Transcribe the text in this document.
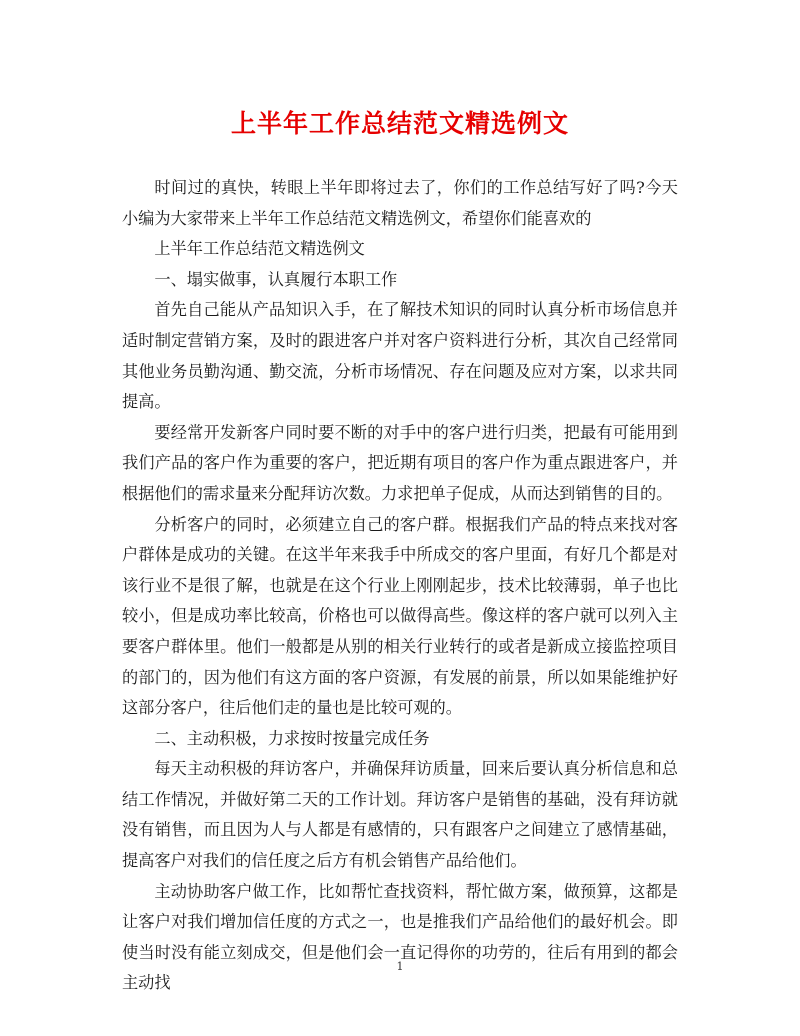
上半年工作总结范文精选例文

时间过的真快，转眼上半年即将过去了，你们的工作总结写好了吗?今天小编为大家带来上半年工作总结范文精选例文，希望你们能喜欢的

上半年工作总结范文精选例文

一、塌实做事，认真履行本职工作

首先自己能从产品知识入手，在了解技术知识的同时认真分析市场信息并适时制定营销方案，及时的跟进客户并对客户资料进行分析，其次自己经常同其他业务员勤沟通、勤交流，分析市场情况、存在问题及应对方案，以求共同提高。

要经常开发新客户同时要不断的对手中的客户进行归类，把最有可能用到我们产品的客户作为重要的客户，把近期有项目的客户作为重点跟进客户，并根据他们的需求量来分配拜访次数。力求把单子促成，从而达到销售的目的。

分析客户的同时，必须建立自己的客户群。根据我们产品的特点来找对客户群体是成功的关键。在这半年来我手中所成交的客户里面，有好几个都是对该行业不是很了解，也就是在这个行业上刚刚起步，技术比较薄弱，单子也比较小，但是成功率比较高，价格也可以做得高些。像这样的客户就可以列入主要客户群体里。他们一般都是从别的相关行业转行的或者是新成立接监控项目的部门的，因为他们有这方面的客户资源，有发展的前景，所以如果能维护好这部分客户，往后他们走的量也是比较可观的。

二、主动积极，力求按时按量完成任务

每天主动积极的拜访客户，并确保拜访质量，回来后要认真分析信息和总结工作情况，并做好第二天的工作计划。拜访客户是销售的基础，没有拜访就没有销售，而且因为人与人都是有感情的，只有跟客户之间建立了感情基础，提高客户对我们的信任度之后方有机会销售产品给他们。

主动协助客户做工作，比如帮忙查找资料，帮忙做方案，做预算，这都是让客户对我们增加信任度的方式之一，也是推我们产品给他们的最好机会。即使当时没有能立刻成交，但是他们会一直记得你的功劳的，往后有用到的都会主动找

1
